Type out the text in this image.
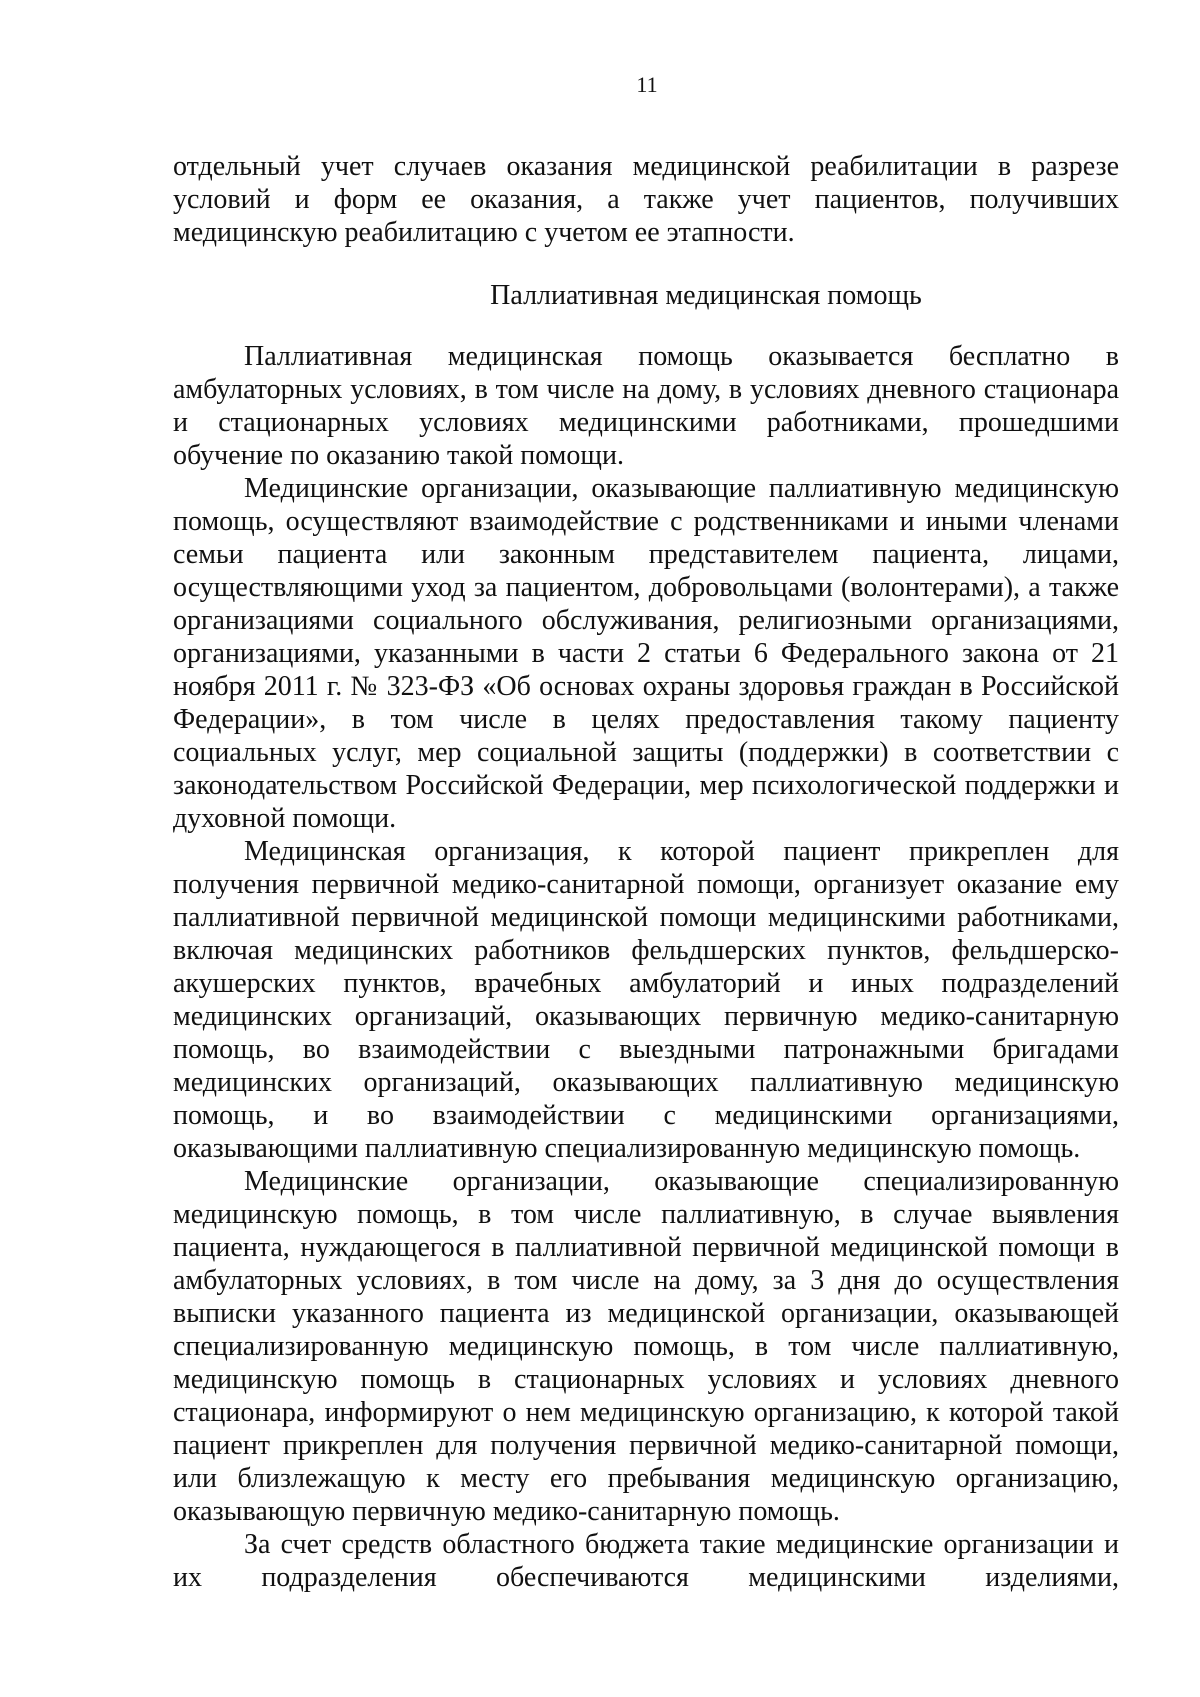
11

отдельный учет случаев оказания медицинской реабилитации в разрезе условий и форм ее оказания, а также учет пациентов, получивших медицинскую реабилитацию с учетом ее этапности.

Паллиативная медицинская помощь

Паллиативная медицинская помощь оказывается бесплатно в амбулаторных условиях, в том числе на дому, в условиях дневного стационара и стационарных условиях медицинскими работниками, прошедшими обучение по оказанию такой помощи.

Медицинские организации, оказывающие паллиативную медицинскую помощь, осуществляют взаимодействие с родственниками и иными членами семьи пациента или законным представителем пациента, лицами, осуществляющими уход за пациентом, добровольцами (волонтерами), а также организациями социального обслуживания, религиозными организациями, организациями, указанными в части 2 статьи 6 Федерального закона от 21 ноября 2011 г. № 323-ФЗ «Об основах охраны здоровья граждан в Российской Федерации», в том числе в целях предоставления такому пациенту социальных услуг, мер социальной защиты (поддержки) в соответствии с законодательством Российской Федерации, мер психологической поддержки и духовной помощи.

Медицинская организация, к которой пациент прикреплен для получения первичной медико-санитарной помощи, организует оказание ему паллиативной первичной медицинской помощи медицинскими работниками, включая медицинских работников фельдшерских пунктов, фельдшерско-акушерских пунктов, врачебных амбулаторий и иных подразделений медицинских организаций, оказывающих первичную медико-санитарную помощь, во взаимодействии с выездными патронажными бригадами медицинских организаций, оказывающих паллиативную медицинскую помощь, и во взаимодействии с медицинскими организациями, оказывающими паллиативную специализированную медицинскую помощь.

Медицинские организации, оказывающие специализированную медицинскую помощь, в том числе паллиативную, в случае выявления пациента, нуждающегося в паллиативной первичной медицинской помощи в амбулаторных условиях, в том числе на дому, за 3 дня до осуществления выписки указанного пациента из медицинской организации, оказывающей специализированную медицинскую помощь, в том числе паллиативную, медицинскую помощь в стационарных условиях и условиях дневного стационара, информируют о нем медицинскую организацию, к которой такой пациент прикреплен для получения первичной медико-санитарной помощи, или близлежащую к месту его пребывания медицинскую организацию, оказывающую первичную медико-санитарную помощь.

За счет средств областного бюджета такие медицинские организации и их подразделения обеспечиваются медицинскими изделиями,
